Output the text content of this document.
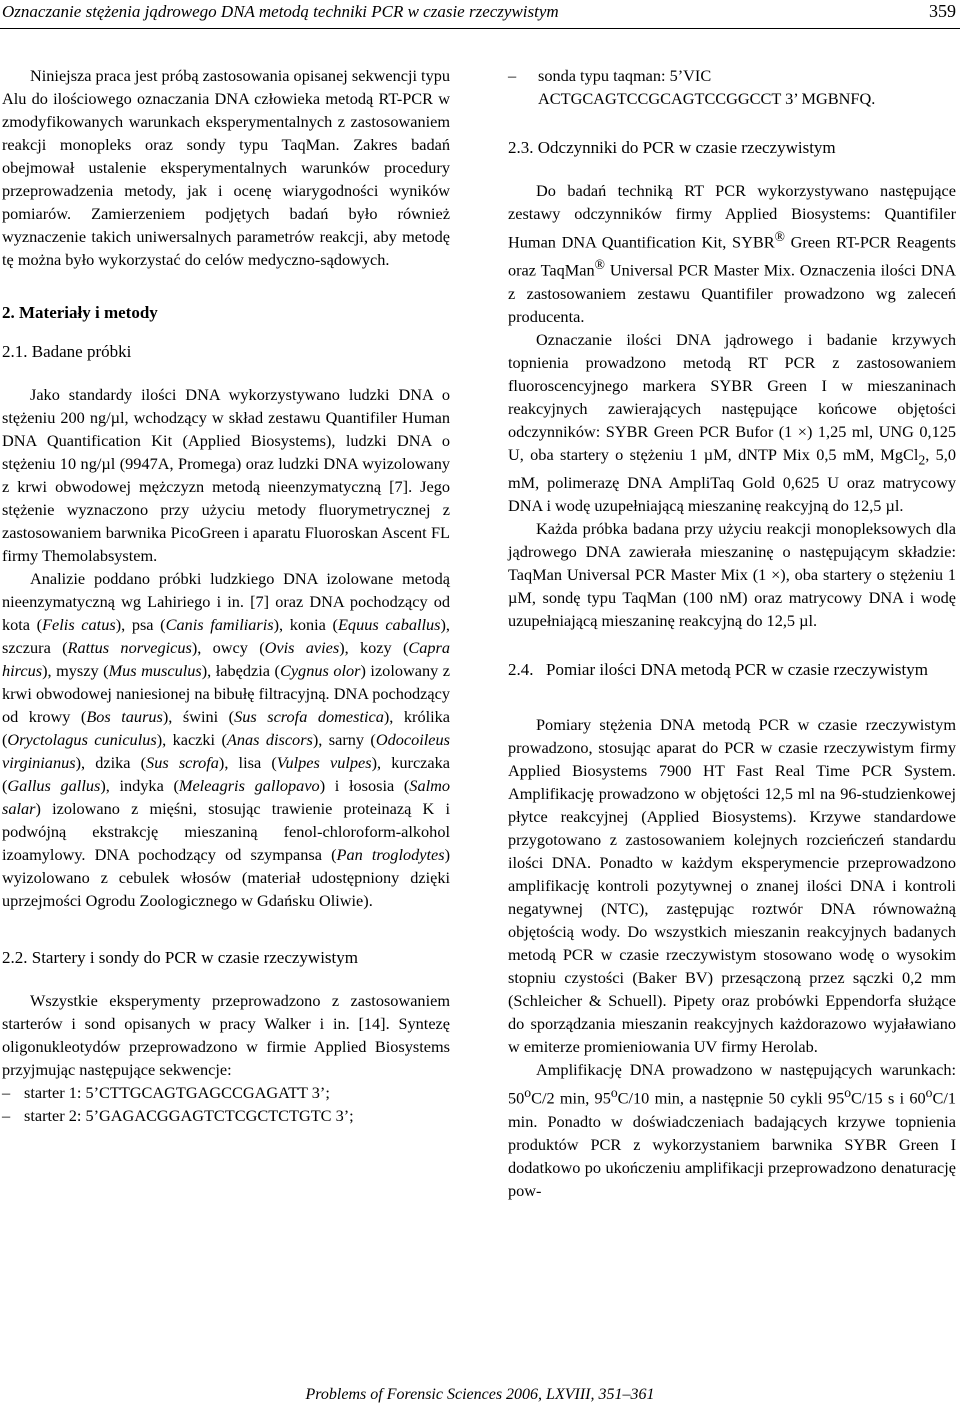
Oznaczanie stężenia jądrowego DNA metodą techniki PCR w czasie rzeczywistym	359

Niniejsza praca jest próbą zastosowania opisanej sekwencji typu Alu do ilościowego oznaczania DNA człowieka metodą RT-PCR w zmodyfikowanych warunkach eksperymentalnych z zastosowaniem reakcji monopleks oraz sondy typu TaqMan. Zakres badań obejmował ustalenie eksperymentalnych warunków procedury przeprowadzenia metody, jak i ocenę wiarygodności wyników pomiarów. Zamierzeniem podjętych badań było również wyznaczenie takich uniwersalnych parametrów reakcji, aby metodę tę można było wykorzystać do celów medyczno-sądowych.

2. Materiały i metody
2.1. Badane próbki

Jako standardy ilości DNA wykorzystywano ludzki DNA o stężeniu 200 ng/µl, wchodzący w skład zestawu Quantifiler Human DNA Quantification Kit (Applied Biosystems), ludzki DNA o stężeniu 10 ng/µl (9947A, Promega) oraz ludzki DNA wyizolowany z krwi obwodowej mężczyzn metodą nieenzymatyczną [7]. Jego stężenie wyznaczono przy użyciu metody fluorymetrycznej z zastosowaniem barwnika PicoGreen i aparatu Fluoroskan Ascent FL firmy Themolabsystem.

Analizie poddano próbki ludzkiego DNA izolowane metodą nieenzymatyczną wg Lahiriego i in. [7] oraz DNA pochodzący od kota (Felis catus), psa (Canis familiaris), konia (Equus caballus), szczura (Rattus norvegicus), owcy (Ovis avies), kozy (Capra hircus), myszy (Mus musculus), łabędzia (Cygnus olor) izolowany z krwi obwodowej naniesionej na bibułę filtracyjną. DNA pochodzący od krowy (Bos taurus), świni (Sus scrofa domestica), królika (Oryctolagus cuniculus), kaczki (Anas discors), sarny (Odocoileus virginianus), dzika (Sus scrofa), lisa (Vulpes vulpes), kurczaka (Gallus gallus), indyka (Meleagris gallopavo) i łososia (Salmo salar) izolowano z mięśni, stosując trawienie proteinazą K i podwójną ekstrakcję mieszaniną fenol-chloroform-alkohol izoamylowy. DNA pochodzący od szympansa (Pan troglodytes) wyizolowano z cebulek włosów (materiał udostępniony dzięki uprzejmości Ogrodu Zoologicznego w Gdańsku Oliwie).

2.2. Startery i sondy do PCR w czasie rzeczywistym

Wszystkie eksperymenty przeprowadzono z zastosowaniem starterów i sond opisanych w pracy Walker i in. [14]. Syntezę oligonukleotydów przeprowadzono w firmie Applied Biosystems przyjmując następujące sekwencje:

– starter 1: 5’CTTGCAGTGAGCCGAGATT 3’;
– starter 2: 5’GAGACGGAGTCTCGCTCTGTC 3’;
– sonda typu taqman: 5’VIC ACTGCAGTCCGCAGTCCGGCCT 3’ MGBNFQ.
2.3. Odczynniki do PCR w czasie rzeczywistym

Do badań techniką RT PCR wykorzystywano następujące zestawy odczynników firmy Applied Biosystems: Quantifiler Human DNA Quantification Kit, SYBR® Green RT-PCR Reagents oraz TaqMan® Universal PCR Master Mix. Oznaczenia ilości DNA z zastosowaniem zestawu Quantifiler prowadzono wg zaleceń producenta.

Oznaczanie ilości DNA jądrowego i badanie krzywych topnienia prowadzono metodą RT PCR z zastosowaniem fluoroscencyjnego markera SYBR Green I w mieszaninach reakcyjnych zawierających następujące końcowe objętości odczynników: SYBR Green PCR Bufor (1 ×) 1,25 ml, UNG 0,125 U, oba startery o stężeniu 1 µM, dNTP Mix 0,5 mM, MgCl$_2$, 5,0 mM, polimerazę DNA AmpliTaq Gold 0,625 U oraz matrycowy DNA i wodę uzupełniającą mieszaninę reakcyjną do 12,5 µl.

Każda próbka badana przy użyciu reakcji monopleksowych dla jądrowego DNA zawierała mieszaninę o następującym składzie: TaqMan Universal PCR Master Mix (1 ×), oba startery o stężeniu 1 µM, sondę typu TaqMan (100 nM) oraz matrycowy DNA i wodę uzupełniającą mieszaninę reakcyjną do 12,5 µl.

2.4. Pomiar ilości DNA metodą PCR w czasie rzeczywistym

Pomiary stężenia DNA metodą PCR w czasie rzeczywistym prowadzono, stosując aparat do PCR w czasie rzeczywistym firmy Applied Biosystems 7900 HT Fast Real Time PCR System. Amplifikację prowadzono w objętości 12,5 ml na 96-studzienkowej płytce reakcyjnej (Applied Biosystems). Krzywe standardowe przygotowano z zastosowaniem kolejnych rozcieńczeń standardu ilości DNA. Ponadto w każdym eksperymencie przeprowadzono amplifikację kontroli pozytywnej o znanej ilości DNA i kontroli negatywnej (NTC), zastępując roztwór DNA równoważną objętością wody. Do wszystkich mieszanin reakcyjnych badanych metodą PCR w czasie rzeczywistym stosowano wodę o wysokim stopniu czystości (Baker BV) przesączoną przez sączki 0,2 mm (Schleicher & Schuell). Pipety oraz probówki Eppendorfa służące do sporządzania mieszanin reakcyjnych każdorazowo wyjaławiano w emiterze promieniowania UV firmy Herolab.

Amplifikację DNA prowadzono w następujących warunkach: 50$^o$C/2 min, 95$^o$C/10 min, a następnie 50 cykli 95$^o$C/15 s i 60$^o$C/1 min. Ponadto w doświadczeniach badających krzywe topnienia produktów PCR z wykorzystaniem barwnika SYBR Green I dodatkowo po ukończeniu amplifikacji przeprowadzono denaturację pow-

Problems of Forensic Sciences 2006, LXVIII, 351–361
